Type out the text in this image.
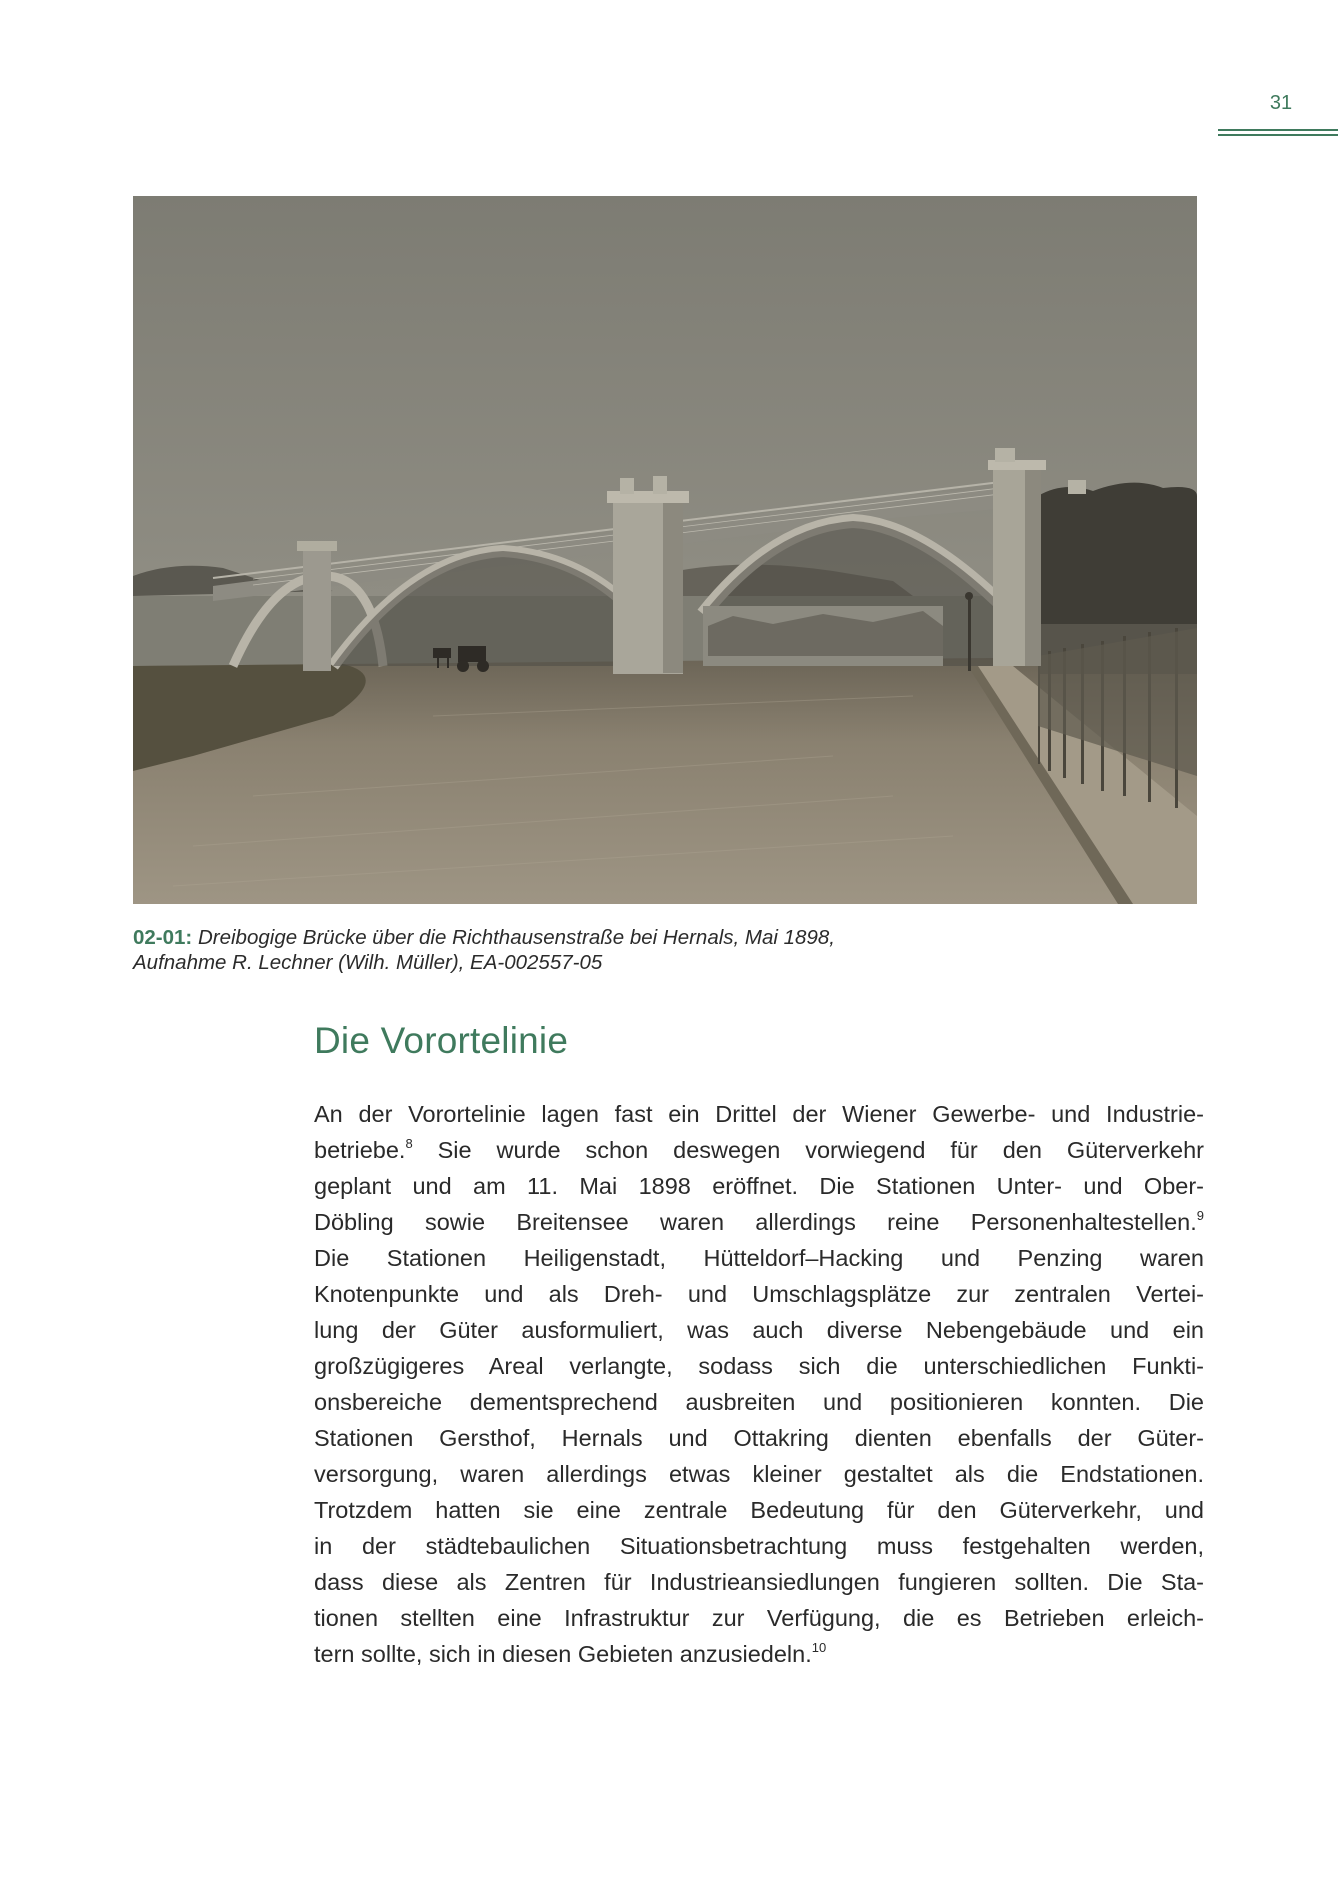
31
02-01: Dreibogige Brücke über die Richthausenstraße bei Hernals, Mai 1898,
Aufnahme R. Lechner (Wilh. Müller), EA-002557-05
Die Vorortelinie
An der Vorortelinie lagen fast ein Drittel der Wiener Gewerbe- und Industrie-
betriebe.$^8$ Sie wurde schon deswegen vorwiegend für den Güterverkehr
geplant und am 11. Mai 1898 eröffnet. Die Stationen Unter- und Ober-
Döbling sowie Breitensee waren allerdings reine Personenhaltestellen.$^9$
Die Stationen Heiligenstadt, Hütteldorf–Hacking und Penzing waren
Knotenpunkte und als Dreh- und Umschlagsplätze zur zentralen Vertei-
lung der Güter ausformuliert, was auch diverse Nebengebäude und ein
großzügigeres Areal verlangte, sodass sich die unterschiedlichen Funkti-
onsbereiche dementsprechend ausbreiten und positionieren konnten. Die
Stationen Gersthof, Hernals und Ottakring dienten ebenfalls der Güter-
versorgung, waren allerdings etwas kleiner gestaltet als die Endstationen.
Trotzdem hatten sie eine zentrale Bedeutung für den Güterverkehr, und
in der städtebaulichen Situationsbetrachtung muss festgehalten werden,
dass diese als Zentren für Industrieansiedlungen fungieren sollten. Die Sta-
tionen stellten eine Infrastruktur zur Verfügung, die es Betrieben erleich-
tern sollte, sich in diesen Gebieten anzusiedeln.$^{10}$
